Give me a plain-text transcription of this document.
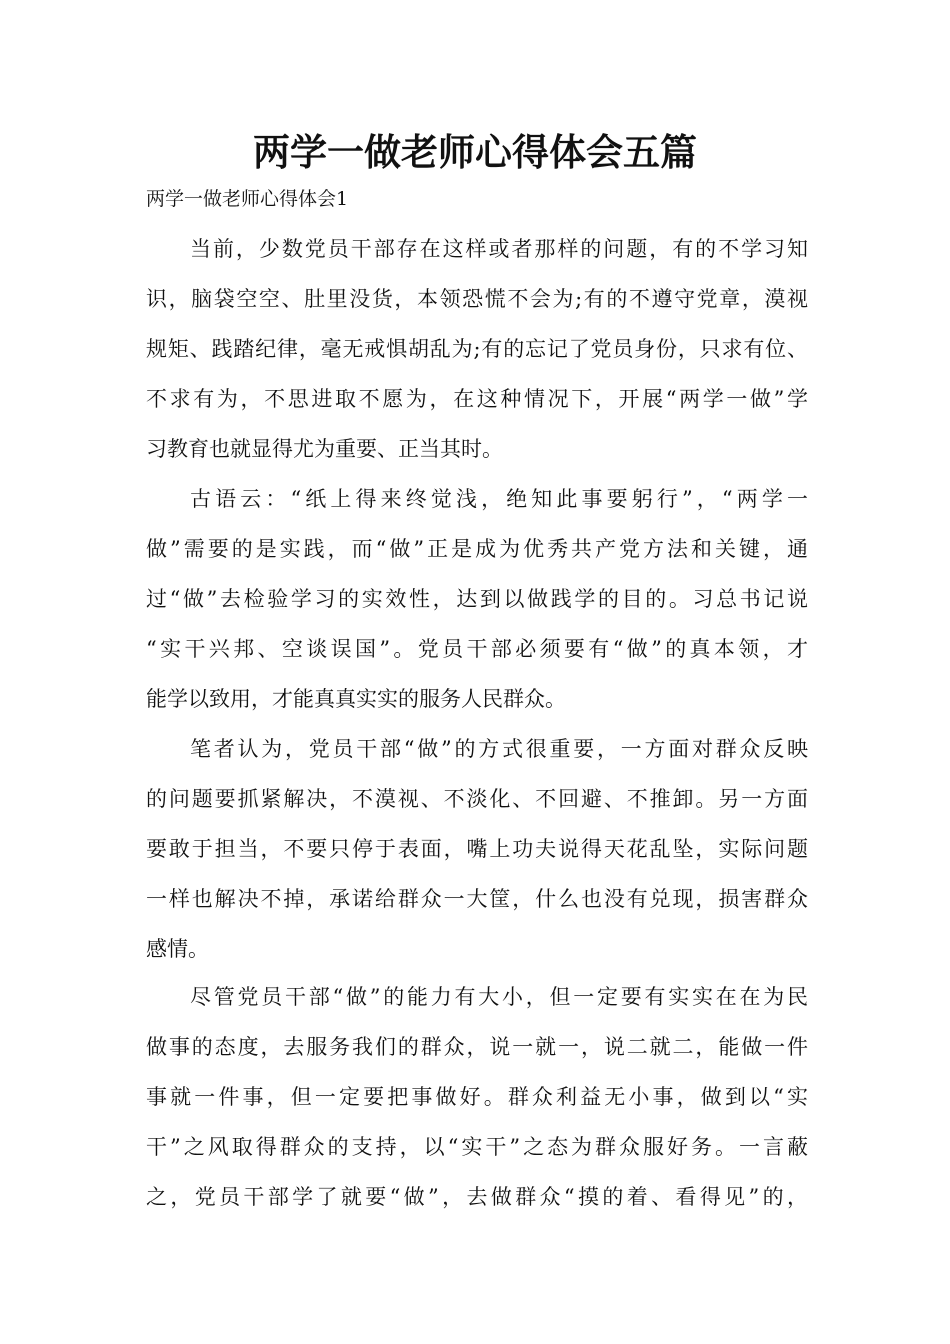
两学一做老师心得体会五篇

两学一做老师心得体会1

当前，少数党员干部存在这样或者那样的问题，有的不学习知
识，脑袋空空、肚里没货，本领恐慌不会为;有的不遵守党章，漠视
规矩、践踏纪律，毫无戒惧胡乱为;有的忘记了党员身份，只求有位、
不求有为，不思进取不愿为，在这种情况下，开展“两学一做”学
习教育也就显得尤为重要、正当其时。
古语云：“纸上得来终觉浅，绝知此事要躬行”，“两学一
做”需要的是实践，而“做”正是成为优秀共产党方法和关键，通
过“做”去检验学习的实效性，达到以做践学的目的。习总书记说
“实干兴邦、空谈误国”。党员干部必须要有“做”的真本领，才
能学以致用，才能真真实实的服务人民群众。
笔者认为，党员干部“做”的方式很重要，一方面对群众反映
的问题要抓紧解决，不漠视、不淡化、不回避、不推卸。另一方面
要敢于担当，不要只停于表面，嘴上功夫说得天花乱坠，实际问题
一样也解决不掉，承诺给群众一大筐，什么也没有兑现，损害群众
感情。
尽管党员干部“做”的能力有大小，但一定要有实实在在为民
做事的态度，去服务我们的群众，说一就一，说二就二，能做一件
事就一件事，但一定要把事做好。群众利益无小事，做到以“实
干”之风取得群众的支持，以“实干”之态为群众服好务。一言蔽
之，党员干部学了就要“做”，去做群众“摸的着、看得见”的，
